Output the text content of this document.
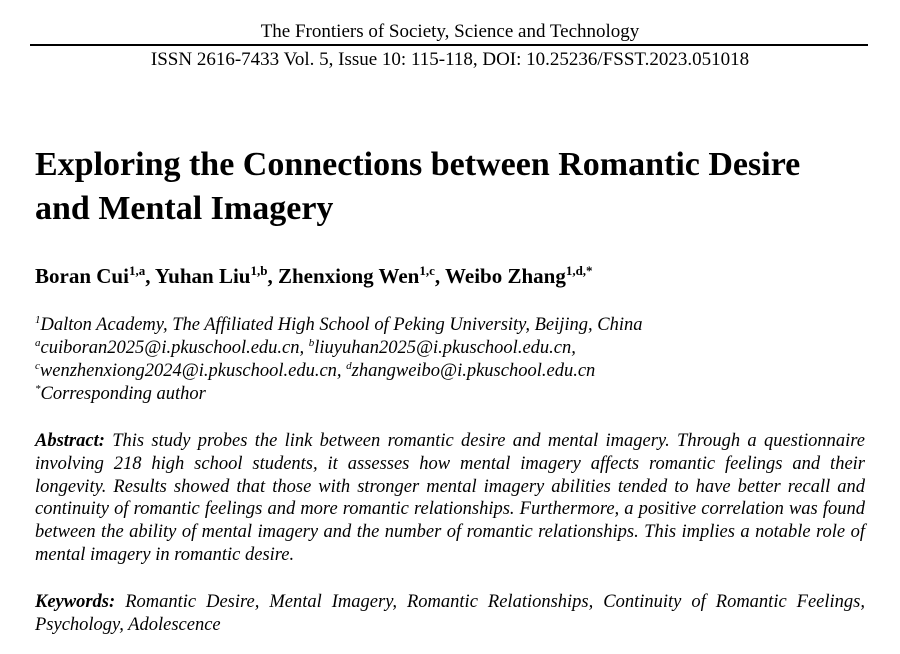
The Frontiers of Society, Science and Technology
ISSN 2616-7433 Vol. 5, Issue 10: 115-118, DOI: 10.25236/FSST.2023.051018
Exploring the Connections between Romantic Desire
and Mental Imagery
Boran Cui$^{1,a}$, Yuhan Liu$^{1,b}$, Zhenxiong Wen$^{1,c}$, Weibo Zhang$^{1,d,*}$
$^1$Dalton Academy, The Affiliated High School of Peking University, Beijing, China
$^a$cuiboran2025@i.pkuschool.edu.cn, $^b$liuyuhan2025@i.pkuschool.edu.cn,
$^c$wenzhenxiong2024@i.pkuschool.edu.cn, $^d$zhangweibo@i.pkuschool.edu.cn
*Corresponding author

Abstract: This study probes the link between romantic desire and mental imagery. Through a questionnaire involving 218 high school students, it assesses how mental imagery affects romantic feelings and their longevity. Results showed that those with stronger mental imagery abilities tended to have better recall and continuity of romantic feelings and more romantic relationships. Furthermore, a positive correlation was found between the ability of mental imagery and the number of romantic relationships. This implies a notable role of mental imagery in romantic desire.

Keywords: Romantic Desire, Mental Imagery, Romantic Relationships, Continuity of Romantic Feelings, Psychology, Adolescence
